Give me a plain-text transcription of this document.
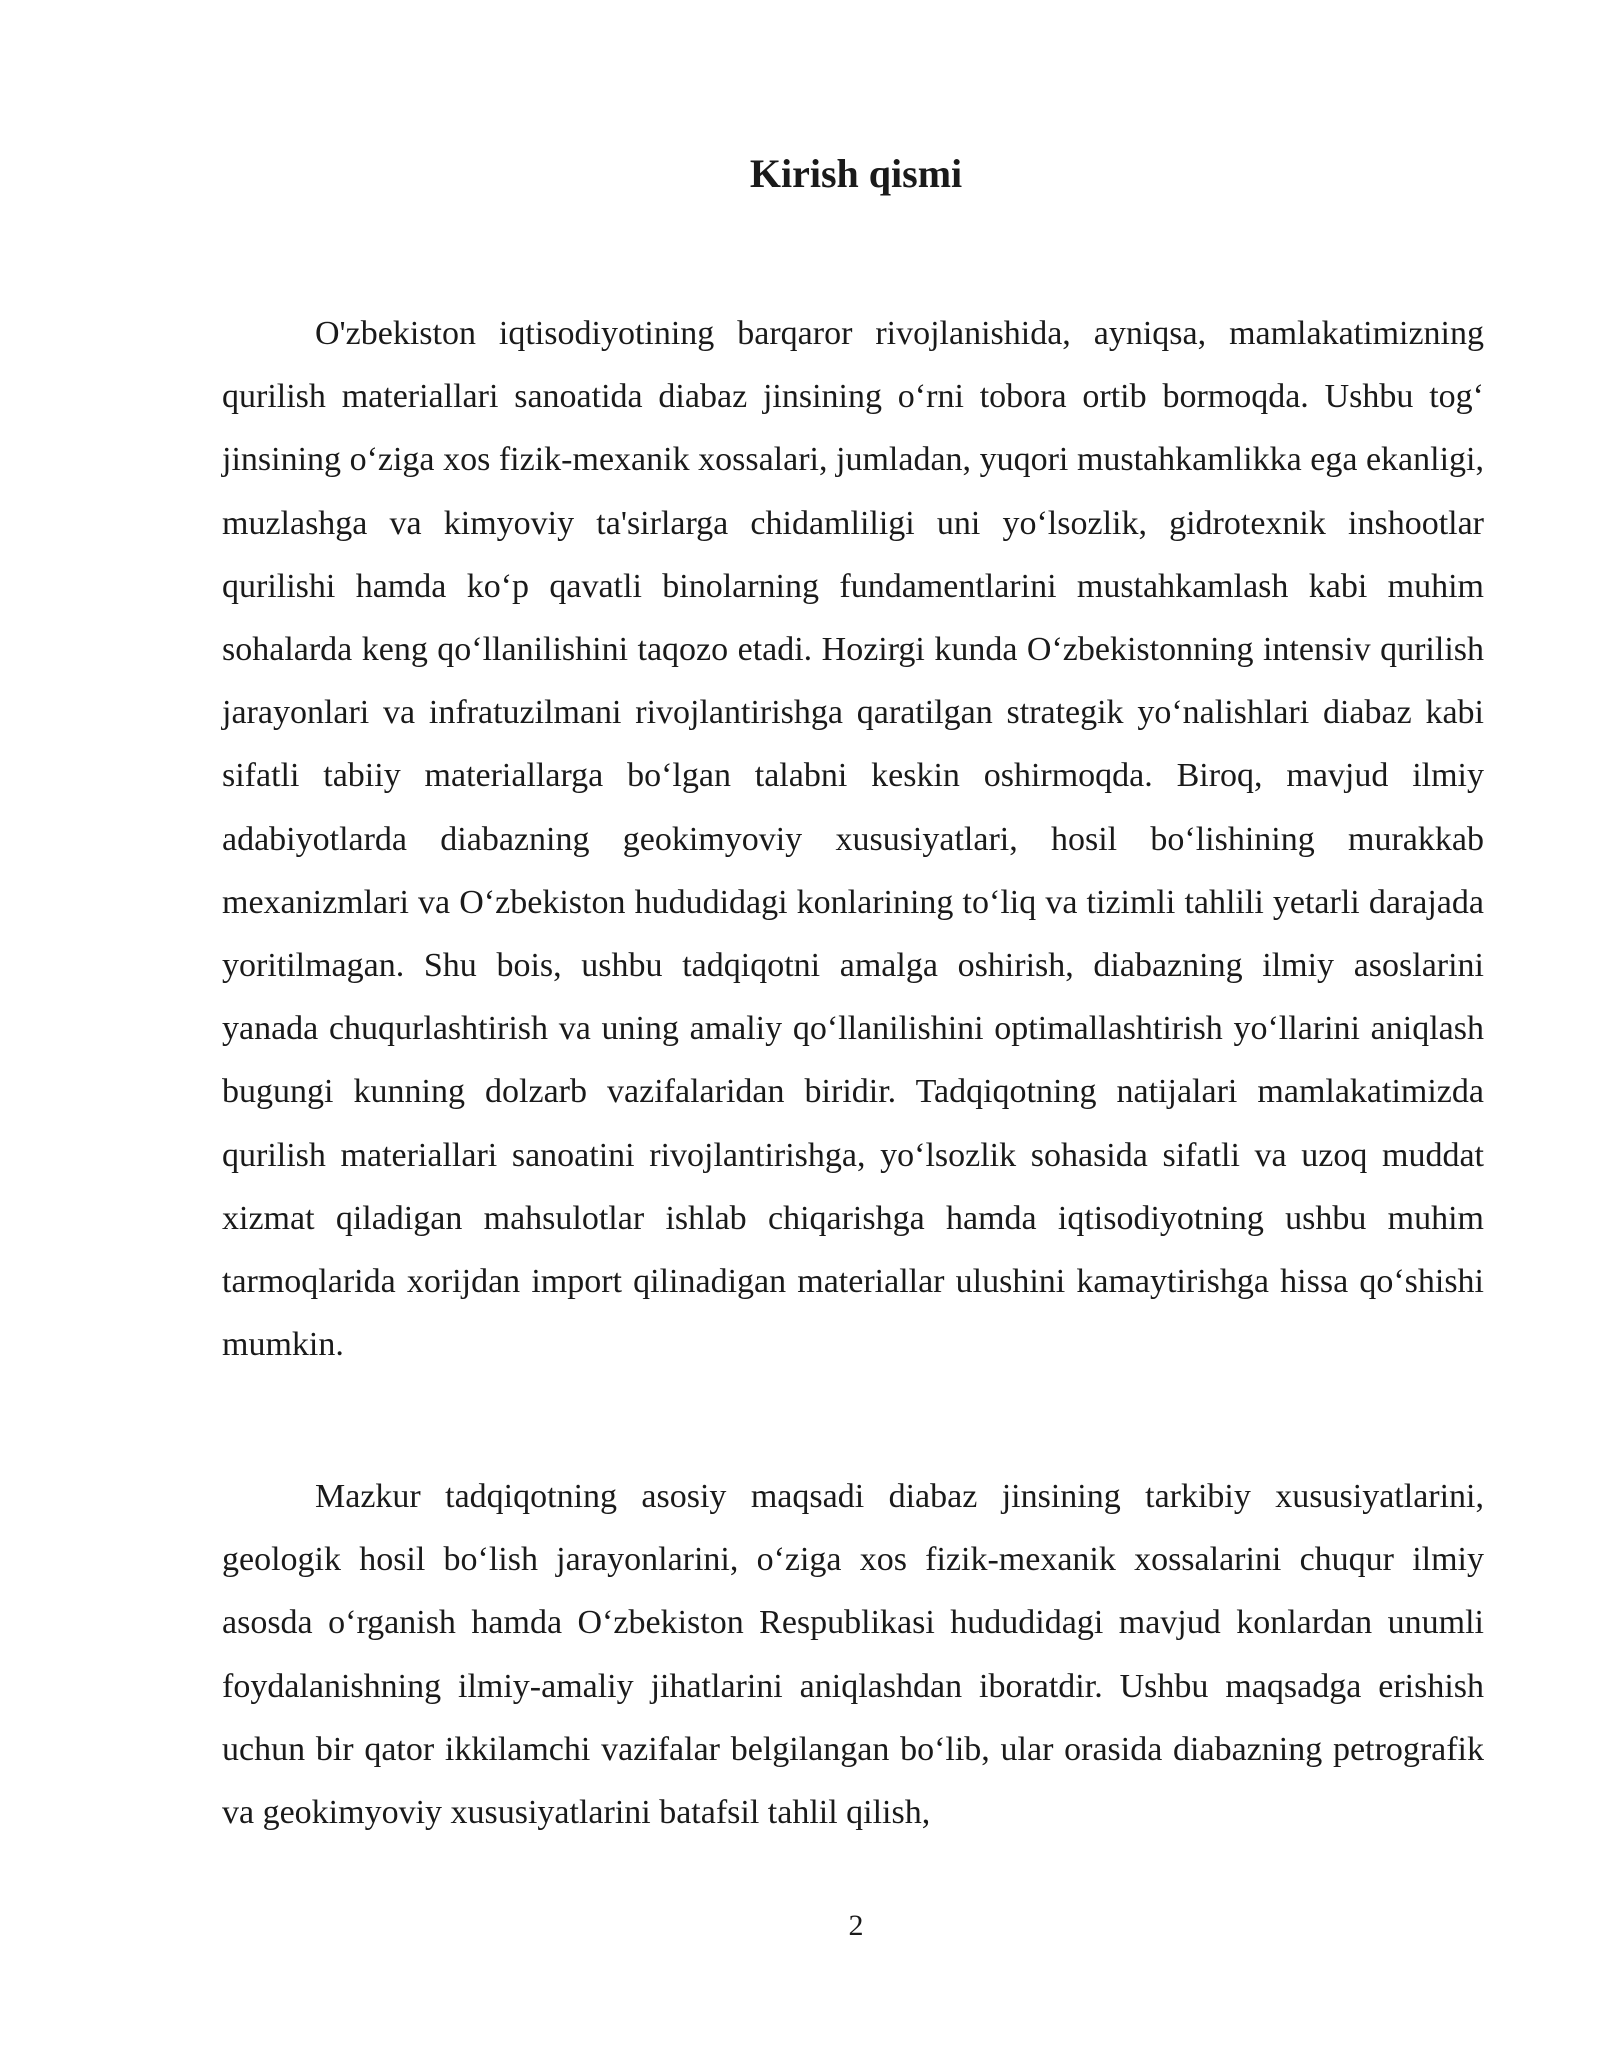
Kirish qismi

O'zbekiston iqtisodiyotining barqaror rivojlanishida, ayniqsa, mamlakatimizning qurilish materiallari sanoatida diabaz jinsining o‘rni tobora ortib bormoqda. Ushbu tog‘ jinsining o‘ziga xos fizik-mexanik xossalari, jumladan, yuqori mustahkamlikka ega ekanligi, muzlashga va kimyoviy ta'sirlarga chidamliligi uni yo‘lsozlik, gidrotexnik inshootlar qurilishi hamda ko‘p qavatli binolarning fundamentlarini mustahkamlash kabi muhim sohalarda keng qo‘llanilishini taqozo etadi. Hozirgi kunda O‘zbekistonning intensiv qurilish jarayonlari va infratuzilmani rivojlantirishga qaratilgan strategik yo‘nalishlari diabaz kabi sifatli tabiiy materiallarga bo‘lgan talabni keskin oshirmoqda. Biroq, mavjud ilmiy adabiyotlarda diabazning geokimyoviy xususiyatlari, hosil bo‘lishining murakkab mexanizmlari va O‘zbekiston hududidagi konlarining to‘liq va tizimli tahlili yetarli darajada yoritilmagan. Shu bois, ushbu tadqiqotni amalga oshirish, diabazning ilmiy asoslarini yanada chuqurlashtirish va uning amaliy qo‘llanilishini optimallashtirish yo‘llarini aniqlash bugungi kunning dolzarb vazifalaridan biridir. Tadqiqotning natijalari mamlakatimizda qurilish materiallari sanoatini rivojlantirishga, yo‘lsozlik sohasida sifatli va uzoq muddat xizmat qiladigan mahsulotlar ishlab chiqarishga hamda iqtisodiyotning ushbu muhim tarmoqlarida xorijdan import qilinadigan materiallar ulushini kamaytirishga hissa qo‘shishi mumkin.

Mazkur tadqiqotning asosiy maqsadi diabaz jinsining tarkibiy xususiyatlarini, geologik hosil bo‘lish jarayonlarini, o‘ziga xos fizik-mexanik xossalarini chuqur ilmiy asosda o‘rganish hamda O‘zbekiston Respublikasi hududidagi mavjud konlardan unumli foydalanishning ilmiy-amaliy jihatlarini aniqlashdan iboratdir. Ushbu maqsadga erishish uchun bir qator ikkilamchi vazifalar belgilangan bo‘lib, ular orasida diabazning petrografik va geokimyoviy xususiyatlarini batafsil tahlil qilish,

2
